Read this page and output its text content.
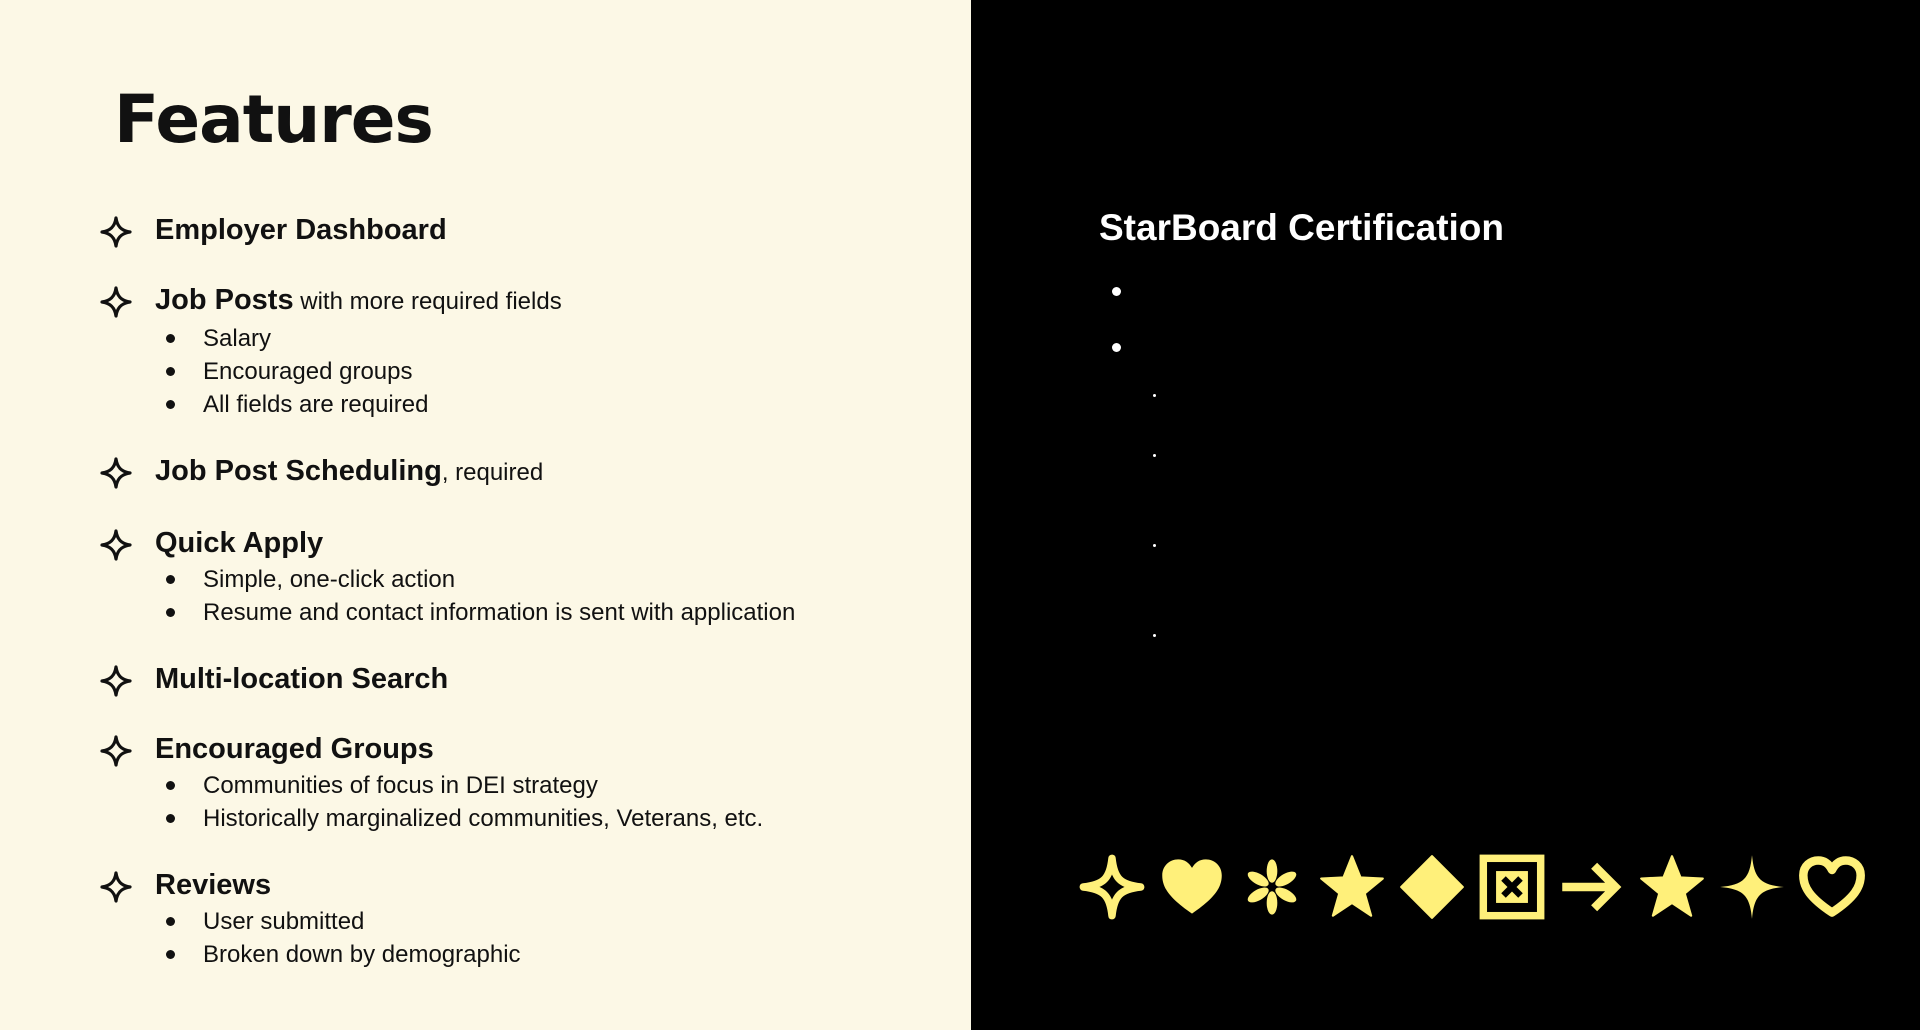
Features
Employer Dashboard
Job Posts with more required fields
Salary
Encouraged groups
All fields are required
Job Post Scheduling, required
Quick Apply
Simple, one-click action
Resume and contact information is sent with application
Multi-location Search
Encouraged Groups
Communities of focus in DEI strategy
Historically marginalized communities, Veterans, etc.
Reviews
User submitted
Broken down by demographic
StarBoard Certification
Enabled after completing all fields in their profile
Required fields:
A written statement about their DEI strategy
Information about their Employee Resource Groups (ERGs)
A section highlighting employees and their contributions
And information about their company’s psychological safety strategy
